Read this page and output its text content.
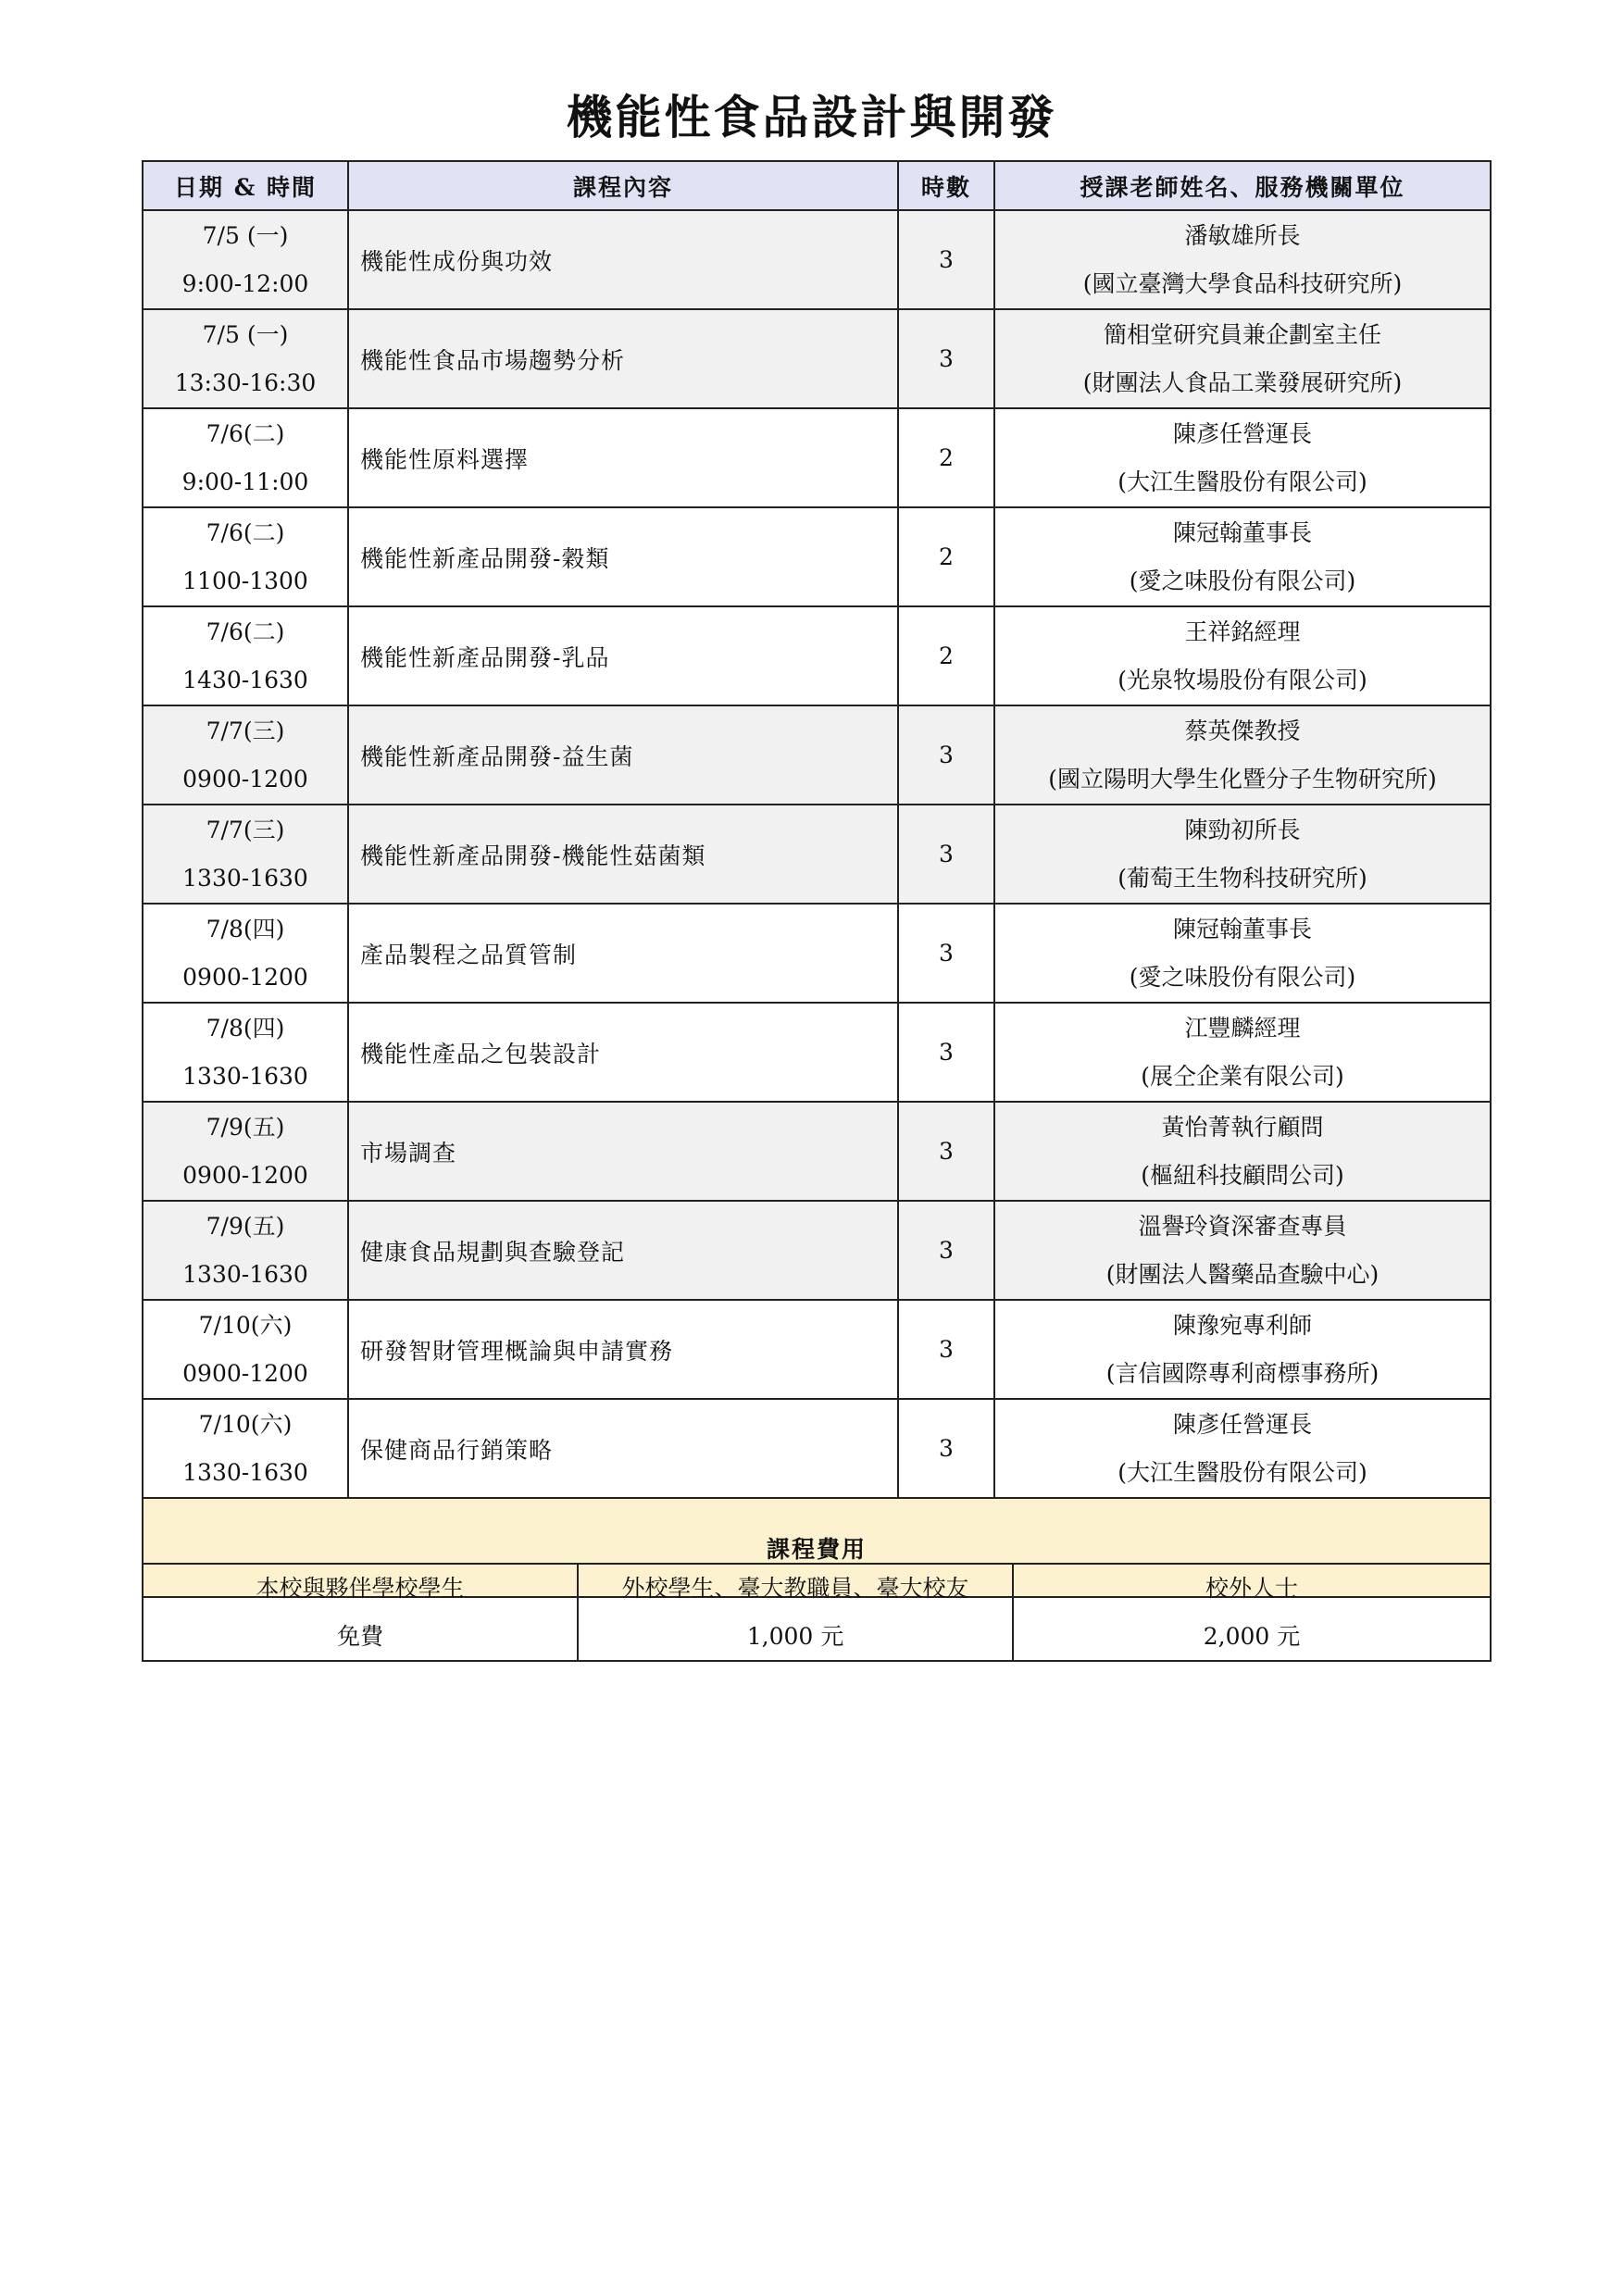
機能性食品設計與開發
日期 & 時間	課程內容	時數	授課老師姓名、服務機關單位

7/5 (一)
9:00-12:00	機能性成份與功效	3	潘敏雄所長
(國立臺灣大學食品科技研究所)

7/5 (一)
13:30-16:30	機能性食品市場趨勢分析	3	簡相堂研究員兼企劃室主任
(財團法人食品工業發展研究所)

7/6(二)
9:00-11:00	機能性原料選擇	2	陳彥任營運長
(大江生醫股份有限公司)

7/6(二)
1100-1300	機能性新產品開發-穀類	2	陳冠翰董事長
(愛之味股份有限公司)

7/6(二)
1430-1630	機能性新產品開發-乳品	2	王祥銘經理
(光泉牧場股份有限公司)

7/7(三)
0900-1200	機能性新產品開發-益生菌	3	蔡英傑教授
(國立陽明大學生化暨分子生物研究所)

7/7(三)
1330-1630	機能性新產品開發-機能性菇菌類	3	陳勁初所長
(葡萄王生物科技研究所)

7/8(四)
0900-1200	產品製程之品質管制	3	陳冠翰董事長
(愛之味股份有限公司)

7/8(四)
1330-1630	機能性產品之包裝設計	3	江豐麟經理
(展仝企業有限公司)

7/9(五)
0900-1200	市場調查	3	黃怡菁執行顧問
(樞紐科技顧問公司)

7/9(五)
1330-1630	健康食品規劃與查驗登記	3	溫譽玲資深審查專員
(財團法人醫藥品查驗中心)

7/10(六)
0900-1200	研發智財管理概論與申請實務	3	陳豫宛專利師
(言信國際專利商標事務所)

7/10(六)
1330-1630	保健商品行銷策略	3	陳彥任營運長
(大江生醫股份有限公司)

課程費用			
本校與夥伴學校學生
免費

外校學生、臺大教職員、臺大校友
1,000 元

校外人士
2,000 元
